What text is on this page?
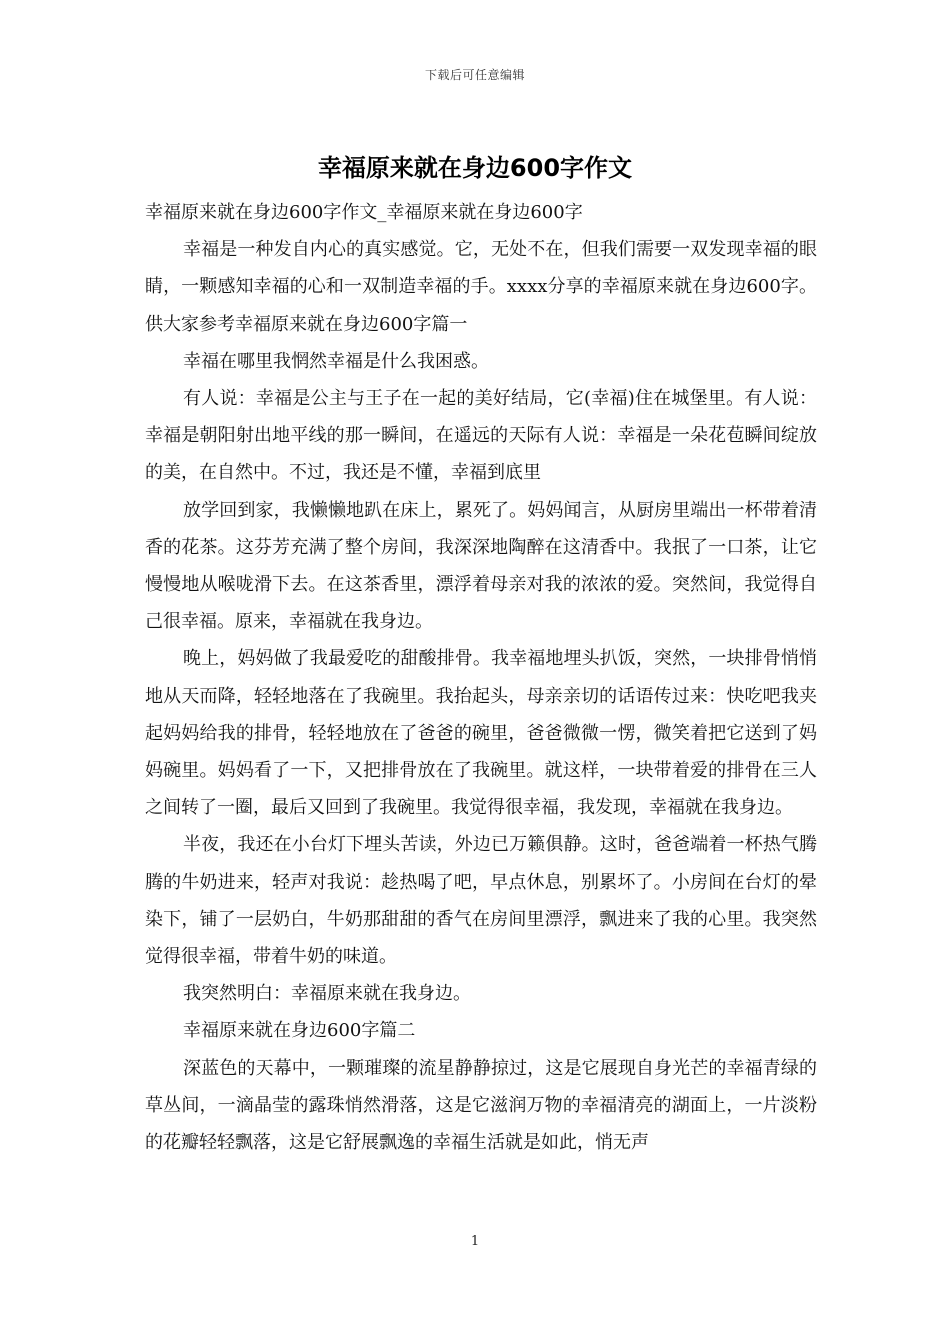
下载后可任意编辑
幸福原来就在身边600字作文

幸福原来就在身边600字作文_幸福原来就在身边600字

幸福是一种发自内心的真实感觉。它，无处不在，但我们需要一双发现幸福的眼睛，一颗感知幸福的心和一双制造幸福的手。xxxx分享的幸福原来就在身边600字。供大家参考幸福原来就在身边600字篇一

幸福在哪里我惘然幸福是什么我困惑。

有人说：幸福是公主与王子在一起的美好结局，它(幸福)住在城堡里。有人说：幸福是朝阳射出地平线的那一瞬间，在遥远的天际有人说：幸福是一朵花苞瞬间绽放的美，在自然中。不过，我还是不懂，幸福到底里

放学回到家，我懒懒地趴在床上，累死了。妈妈闻言，从厨房里端出一杯带着清香的花茶。这芬芳充满了整个房间，我深深地陶醉在这清香中。我抿了一口茶，让它慢慢地从喉咙滑下去。在这茶香里，漂浮着母亲对我的浓浓的爱。突然间，我觉得自己很幸福。原来，幸福就在我身边。

晚上，妈妈做了我最爱吃的甜酸排骨。我幸福地埋头扒饭，突然，一块排骨悄悄地从天而降，轻轻地落在了我碗里。我抬起头，母亲亲切的话语传过来：快吃吧我夹起妈妈给我的排骨，轻轻地放在了爸爸的碗里，爸爸微微一愣，微笑着把它送到了妈妈碗里。妈妈看了一下，又把排骨放在了我碗里。就这样，一块带着爱的排骨在三人之间转了一圈，最后又回到了我碗里。我觉得很幸福，我发现，幸福就在我身边。

半夜，我还在小台灯下埋头苦读，外边已万籁俱静。这时，爸爸端着一杯热气腾腾的牛奶进来，轻声对我说：趁热喝了吧，早点休息，别累坏了。小房间在台灯的晕染下，铺了一层奶白，牛奶那甜甜的香气在房间里漂浮，飘进来了我的心里。我突然觉得很幸福，带着牛奶的味道。

我突然明白：幸福原来就在我身边。

幸福原来就在身边600字篇二

深蓝色的天幕中，一颗璀璨的流星静静掠过，这是它展现自身光芒的幸福青绿的草丛间，一滴晶莹的露珠悄然滑落，这是它滋润万物的幸福清亮的湖面上，一片淡粉的花瓣轻轻飘落，这是它舒展飘逸的幸福生活就是如此，悄无声

1
